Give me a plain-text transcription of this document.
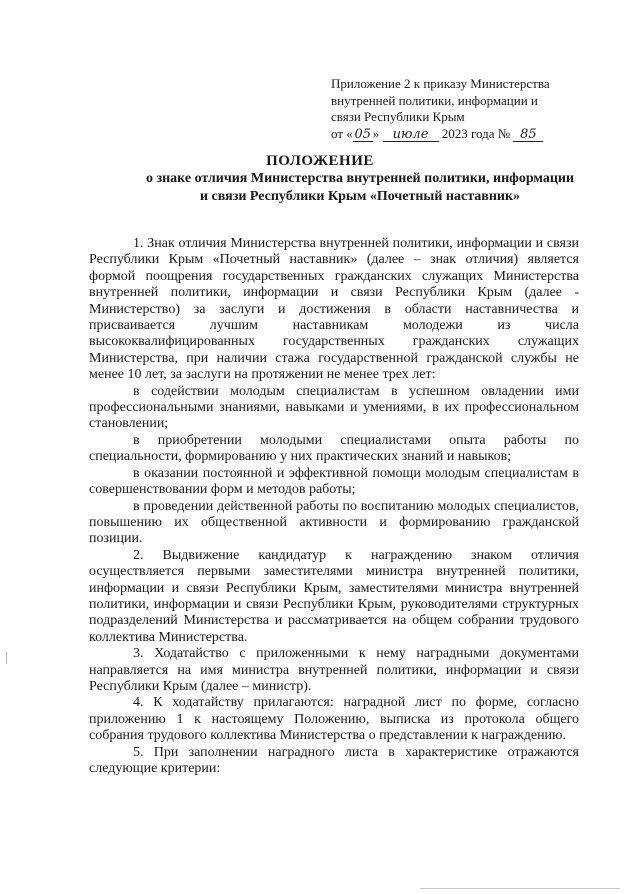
Приложение 2 к приказу Министерства
внутренней политики, информации и
связи Республики Крым
от « 05 » июле 2023 года № 85
ПОЛОЖЕНИЕ
о знаке отличия Министерства внутренней политики, информации
и связи Республики Крым «Почетный наставник»

1. Знак отличия Министерства внутренней политики, информации и связи Республики Крым «Почетный наставник» (далее – знак отличия) является формой поощрения государственных гражданских служащих Министерства внутренней политики, информации и связи Республики Крым (далее - Министерство) за заслуги и достижения в области наставничества и присваивается лучшим наставникам молодежи из числа высококвалифицированных государственных гражданских служащих Министерства, при наличии стажа государственной гражданской службы не менее 10 лет, за заслуги на протяжении не менее трех лет:

в содействии молодым специалистам в успешном овладении ими профессиональными знаниями, навыками и умениями, в их профессиональном становлении;

в приобретении молодыми специалистами опыта работы по специальности, формированию у них практических знаний и навыков;

в оказании постоянной и эффективной помощи молодым специалистам в совершенствовании форм и методов работы;

в проведении действенной работы по воспитанию молодых специалистов, повышению их общественной активности и формированию гражданской позиции.

2. Выдвижение кандидатур к награждению знаком отличия осуществляется первыми заместителями министра внутренней политики, информации и связи Республики Крым, заместителями министра внутренней политики, информации и связи Республики Крым, руководителями структурных подразделений Министерства и рассматривается на общем собрании трудового коллектива Министерства.

3. Ходатайство с приложенными к нему наградными документами направляется на имя министра внутренней политики, информации и связи Республики Крым (далее – министр).

4. К ходатайству прилагаются: наградной лист по форме, согласно приложению 1 к настоящему Положению, выписка из протокола общего собрания трудового коллектива Министерства о представлении к награждению.

5. При заполнении наградного листа в характеристике отражаются следующие критерии:
